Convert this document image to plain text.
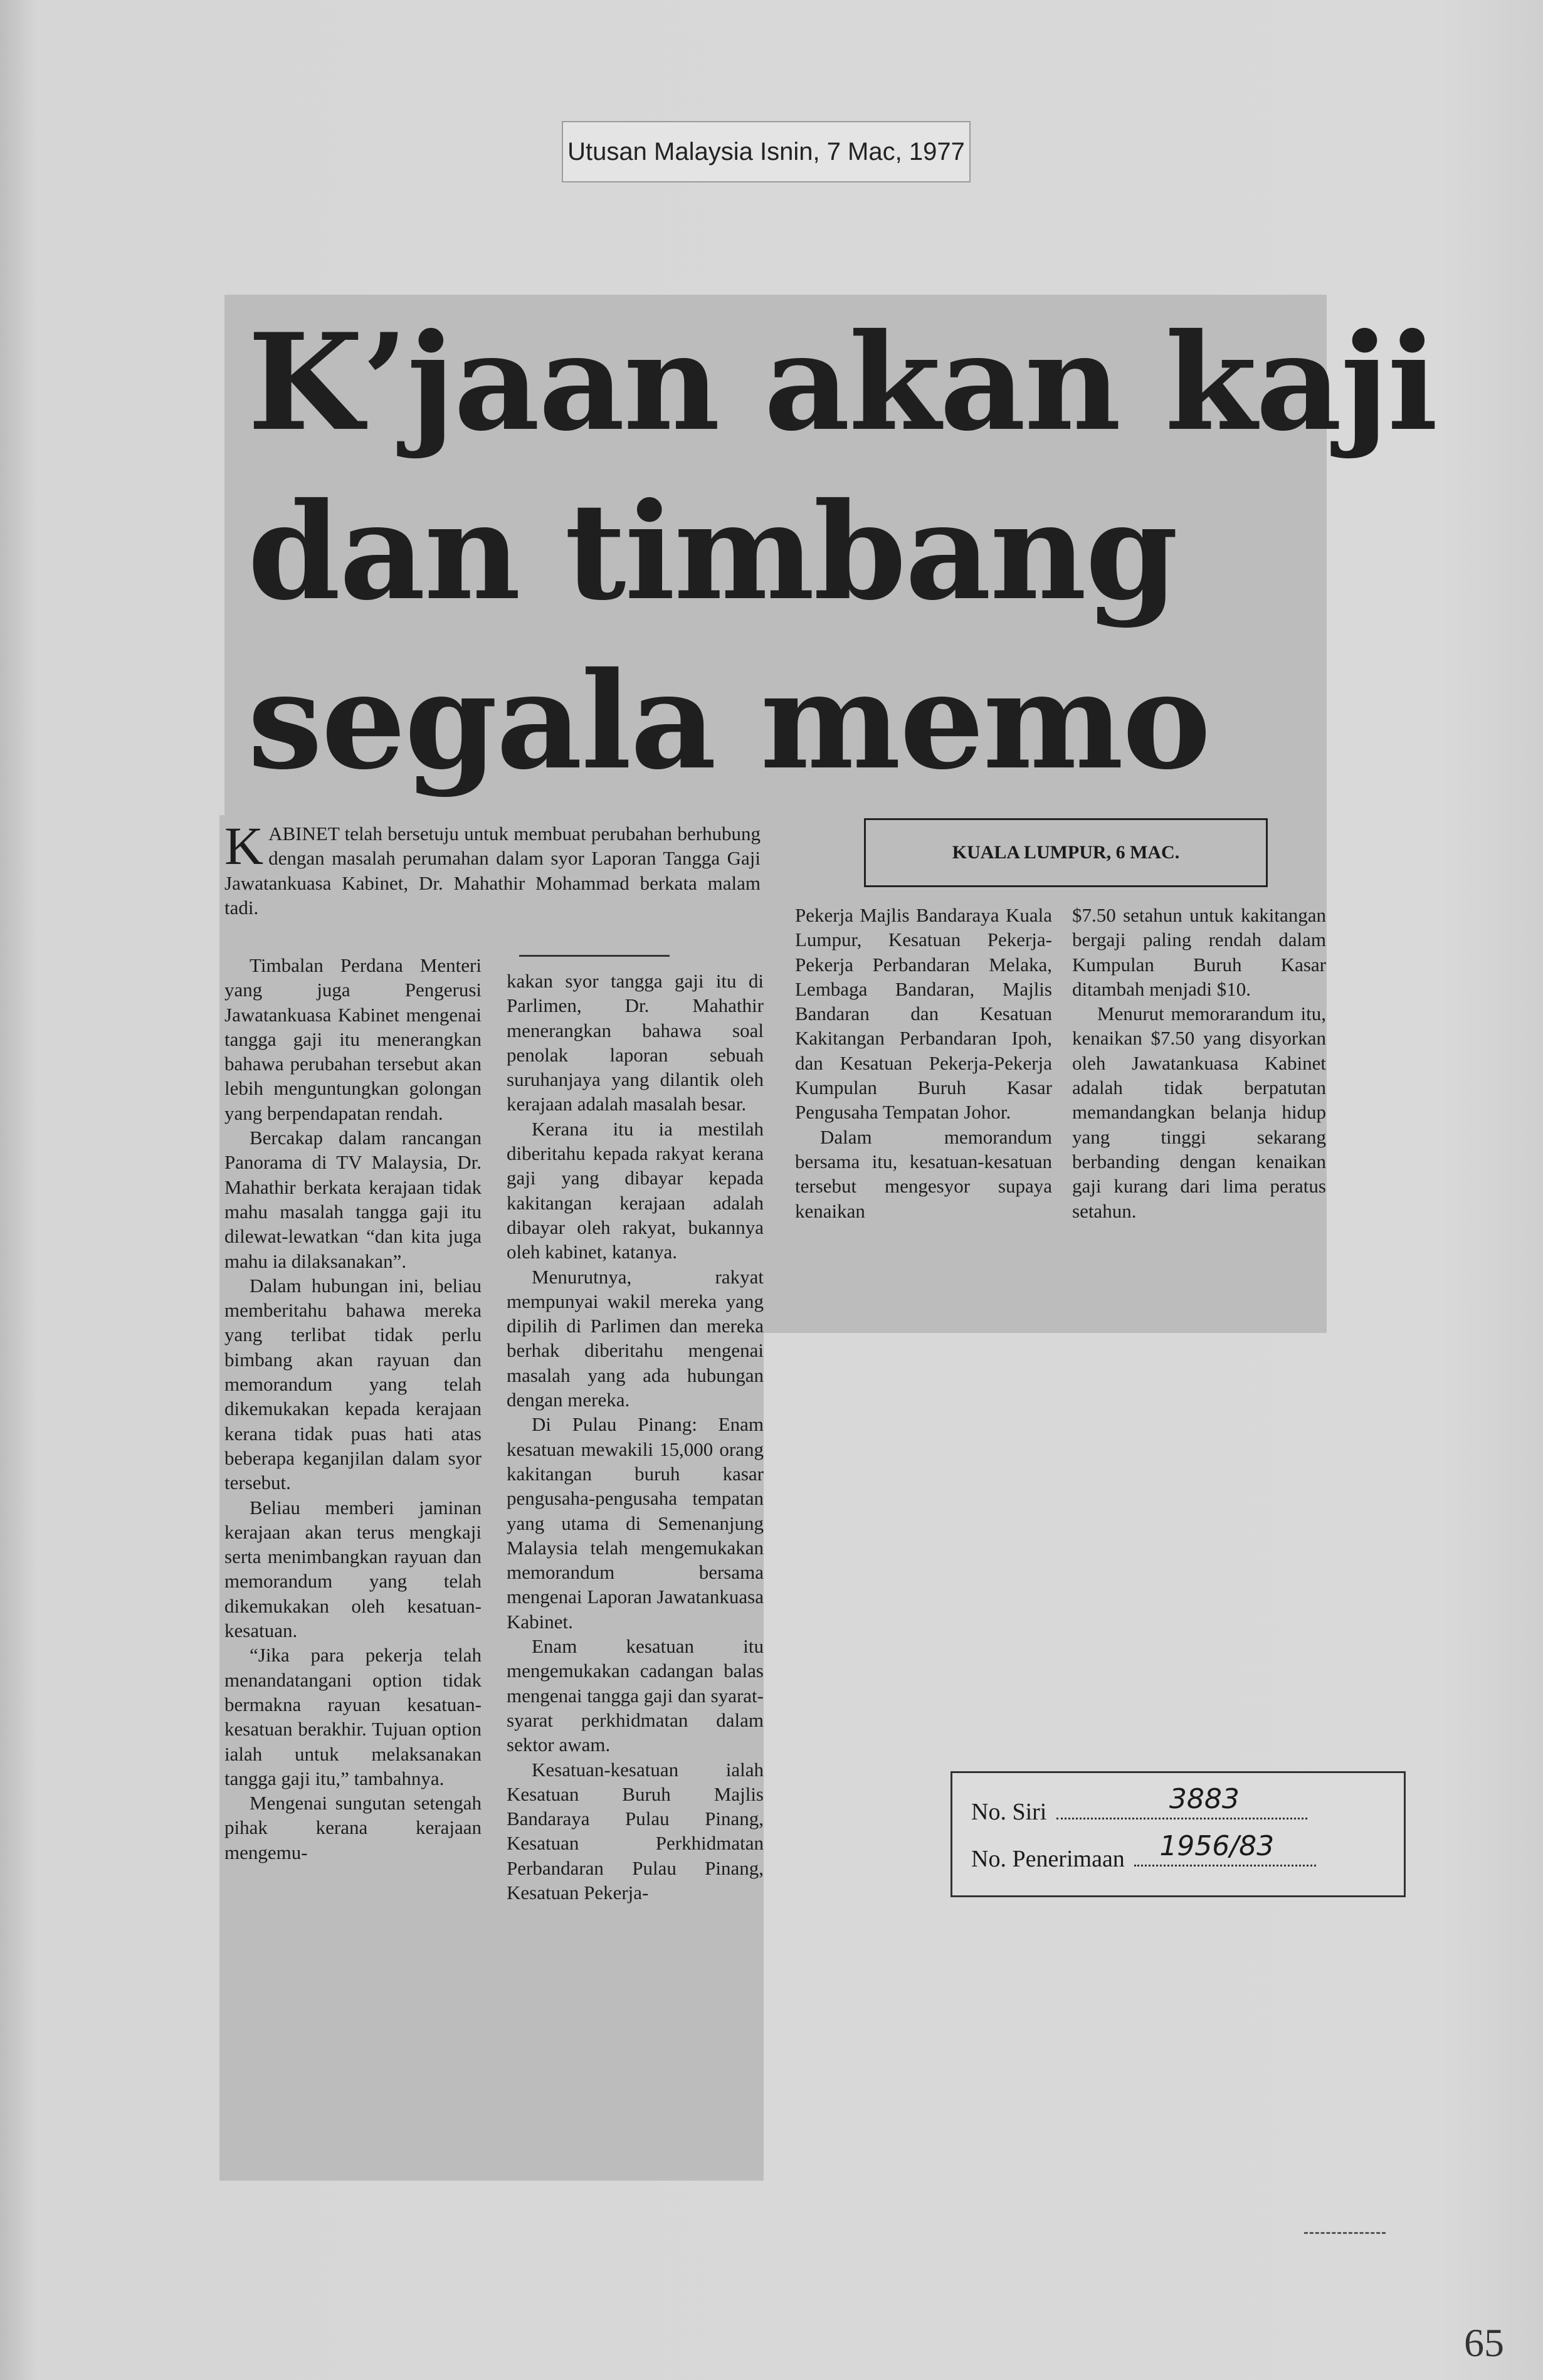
Utusan Malaysia Isnin, 7 Mac, 1977
K’jaan akan kaji
dan timbang
segala memo
KUALA LUMPUR, 6 MAC.

KABINET telah bersetuju untuk membuat perubahan berhubung dengan masalah perumahan dalam syor Laporan Tangga Gaji Jawatankuasa Kabinet, Dr. Mahathir Mohammad berkata malam tadi.

Timbalan Perdana Menteri yang juga Pengerusi Jawatankuasa Kabinet mengenai tangga gaji itu menerangkan bahawa perubahan tersebut akan lebih menguntungkan golongan yang berpendapatan rendah.

Bercakap dalam rancangan Panorama di TV Malaysia, Dr. Mahathir berkata kerajaan tidak mahu masalah tangga gaji itu dilewat-lewatkan “dan kita juga mahu ia dilaksanakan”.

Dalam hubungan ini, beliau memberitahu bahawa mereka yang terlibat tidak perlu bimbang akan rayuan dan memorandum yang telah dikemukakan kepada kerajaan kerana tidak puas hati atas beberapa keganjilan dalam syor tersebut.

Beliau memberi jaminan kerajaan akan terus mengkaji serta menimbangkan rayuan dan memorandum yang telah dikemukakan oleh kesatuan-kesatuan.

“Jika para pekerja telah menandatangani option tidak bermakna rayuan kesatuan-kesatuan berakhir. Tujuan option ialah untuk melaksanakan tangga gaji itu,” tambahnya.

Mengenai sungutan setengah pihak kerana kerajaan mengemu-

kakan syor tangga gaji itu di Parlimen, Dr. Mahathir menerangkan bahawa soal penolak laporan sebuah suruhanjaya yang dilantik oleh kerajaan adalah masalah besar.

Kerana itu ia mestilah diberitahu kepada rakyat kerana gaji yang dibayar kepada kakitangan kerajaan adalah dibayar oleh rakyat, bukannya oleh kabinet, katanya.

Menurutnya, rakyat mempunyai wakil mereka yang dipilih di Parlimen dan mereka berhak diberitahu mengenai masalah yang ada hubungan dengan mereka.

Di Pulau Pinang: Enam kesatuan mewakili 15,000 orang kakitangan buruh kasar pengusaha-pengusaha tempatan yang utama di Semenanjung Malaysia telah mengemukakan memorandum bersama mengenai Laporan Jawatankuasa Kabinet.

Enam kesatuan itu mengemukakan cadangan balas mengenai tangga gaji dan syarat-syarat perkhidmatan dalam sektor awam.

Kesatuan-kesatuan ialah Kesatuan Buruh Majlis Bandaraya Pulau Pinang, Kesatuan Perkhidmatan Perbandaran Pulau Pinang, Kesatuan Pekerja-

Pekerja Majlis Bandaraya Kuala Lumpur, Kesatuan Pekerja-Pekerja Perbandaran Melaka, Lembaga Bandaran, Majlis Bandaran dan Kesatuan Kakitangan Perbandaran Ipoh, dan Kesatuan Pekerja-Pekerja Kumpulan Buruh Kasar Pengusaha Tempatan Johor.

Dalam memorandum bersama itu, kesatuan-kesatuan tersebut mengesyor supaya kenaikan

$7.50 setahun untuk kakitangan bergaji paling rendah dalam Kumpulan Buruh Kasar ditambah menjadi $10.

Menurut memorarandum itu, kenaikan $7.50 yang disyorkan oleh Jawatankuasa Kabinet adalah tidak berpatutan memandangkan belanja hidup yang tinggi sekarang berbanding dengan kenaikan gaji kurang dari lima peratus setahun.

No. Siri	3883
No. Penerimaan 1956/83
65
